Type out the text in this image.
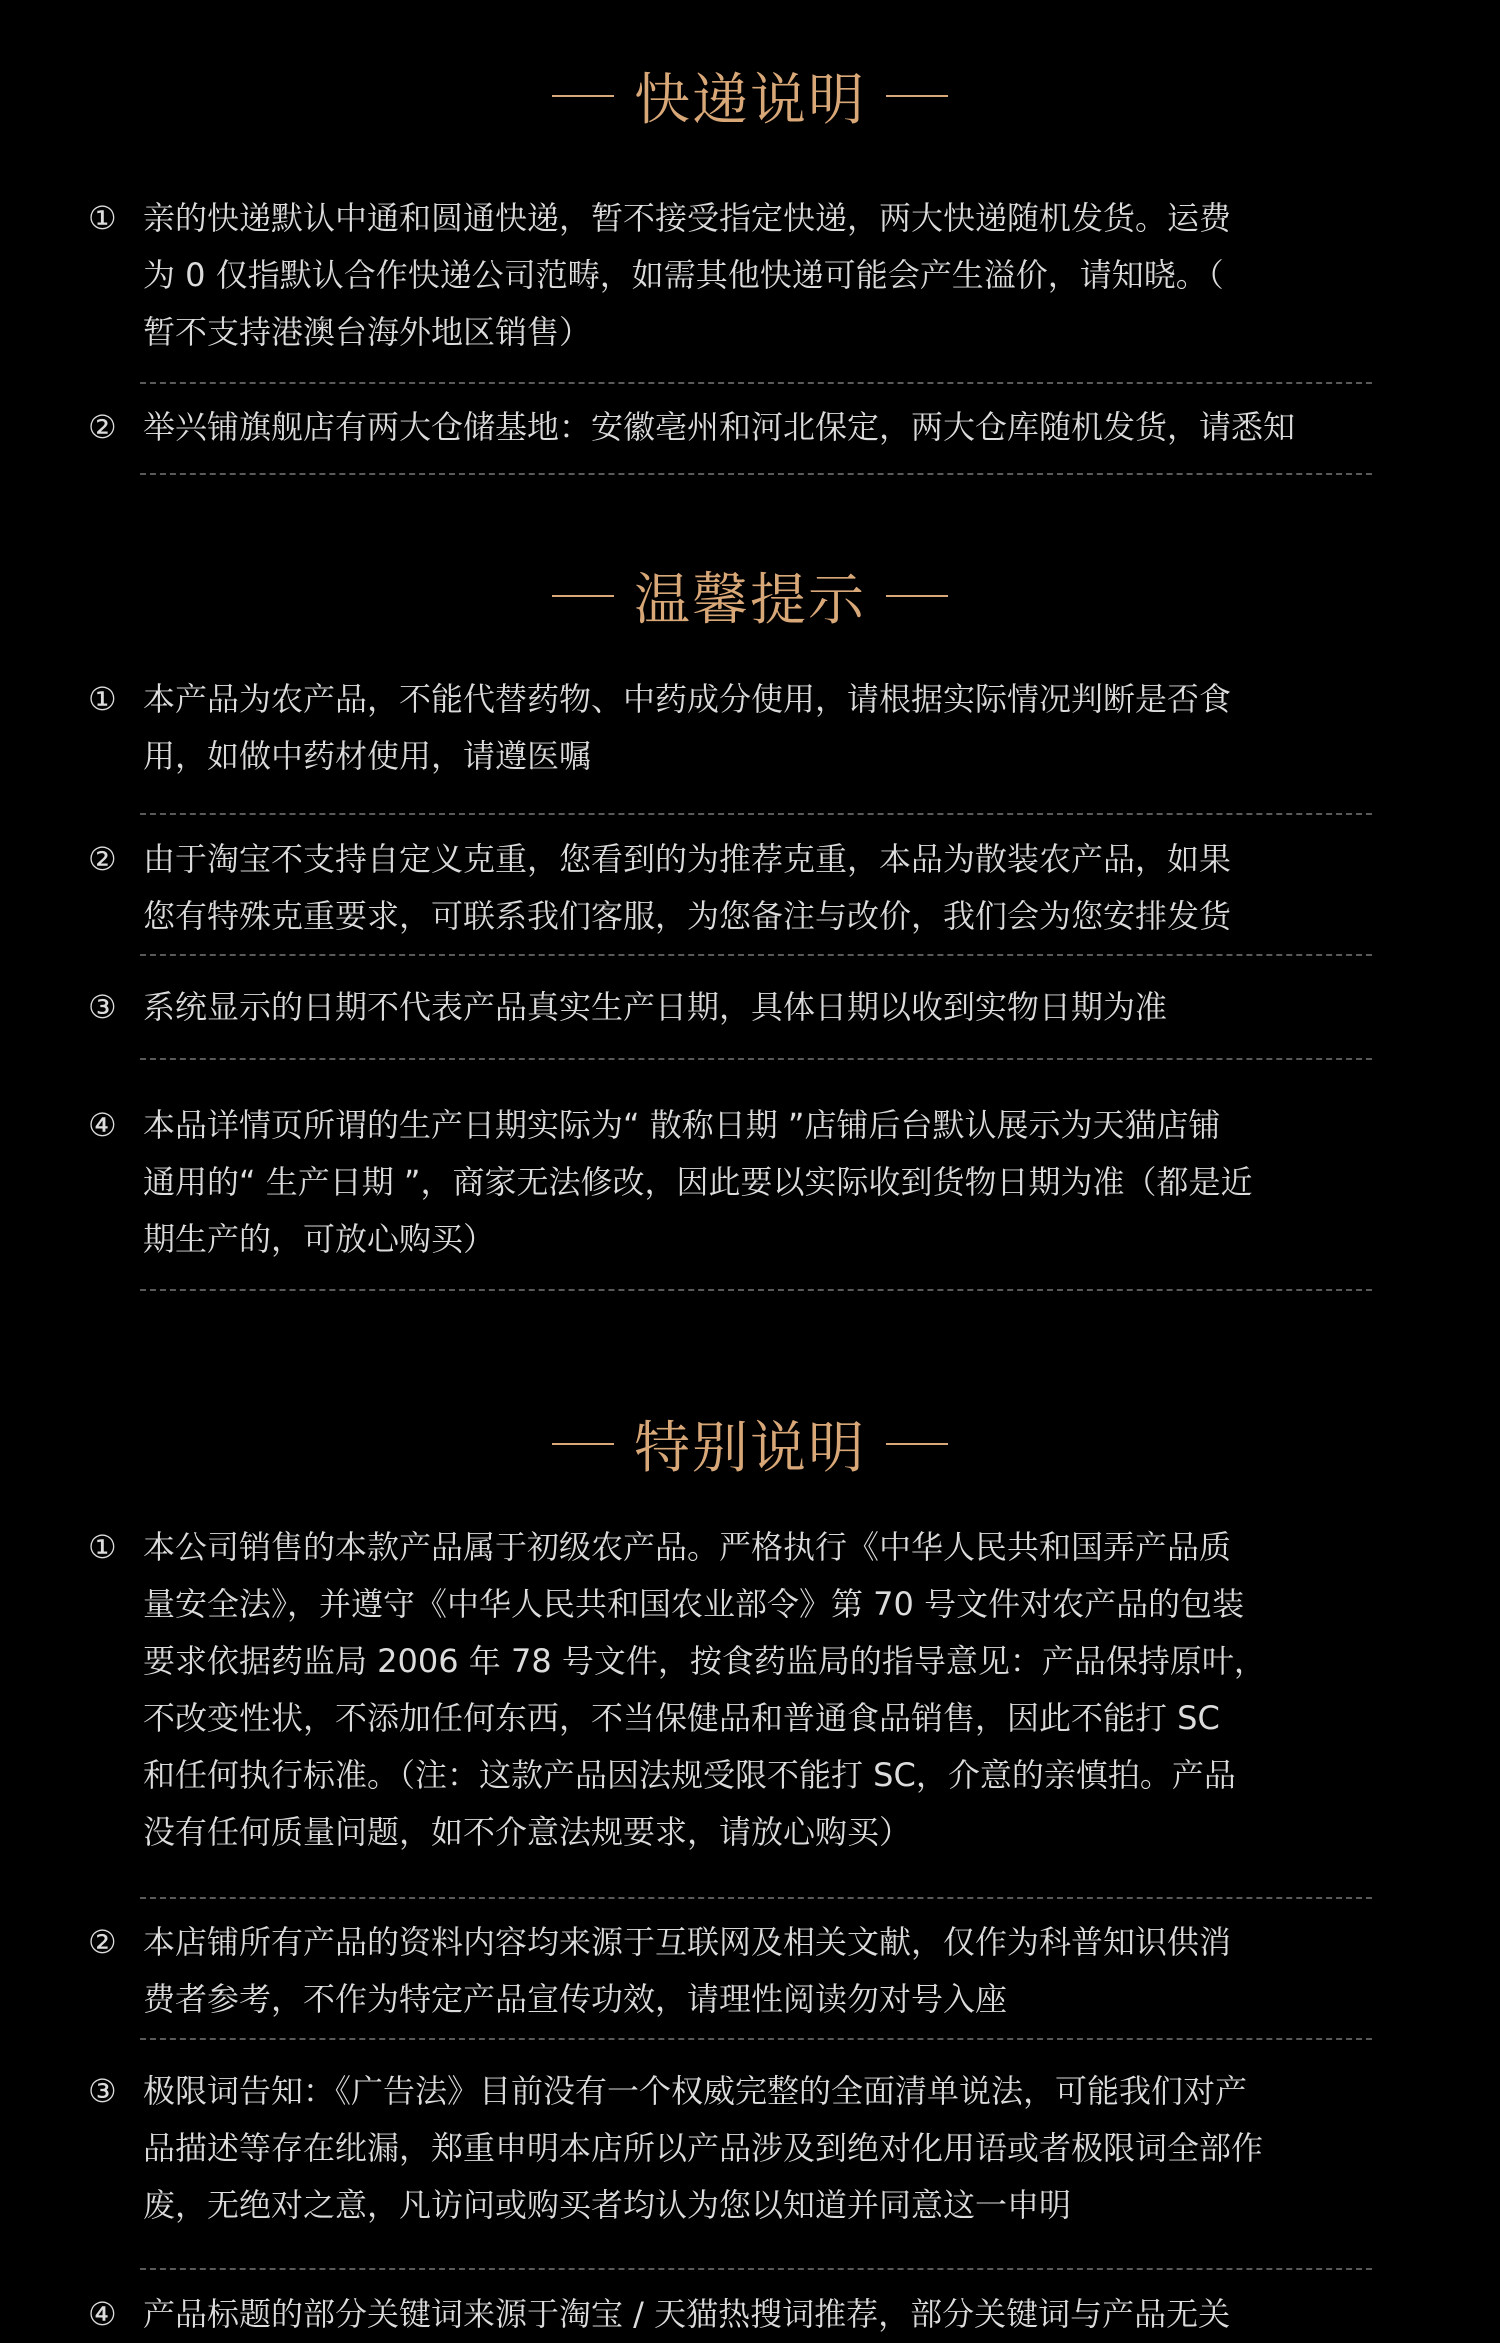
快递说明
① 亲的快递默认中通和圆通快递，暂不接受指定快递，两大快递随机发货。运费
为 0 仅指默认合作快递公司范畴，如需其他快递可能会产生溢价，请知晓。（
暂不支持港澳台海外地区销售）
② 举兴铺旗舰店有两大仓储基地：安徽亳州和河北保定，两大仓库随机发货，请悉知
温馨提示
① 本产品为农产品，不能代替药物、中药成分使用，请根据实际情况判断是否食
用，如做中药材使用，请遵医嘱
② 由于淘宝不支持自定义克重，您看到的为推荐克重，本品为散装农产品，如果
您有特殊克重要求，可联系我们客服，为您备注与改价，我们会为您安排发货
③ 系统显示的日期不代表产品真实生产日期，具体日期以收到实物日期为准
④ 本品详情页所谓的生产日期实际为“ 散称日期 ”店铺后台默认展示为天猫店铺
通用的“ 生产日期 ”，商家无法修改，因此要以实际收到货物日期为准（都是近
期生产的，可放心购买）
特别说明
① 本公司销售的本款产品属于初级农产品。严格执行《中华人民共和国弄产品质
量安全法》，并遵守《中华人民共和国农业部令》第 70 号文件对农产品的包装
要求依据药监局 2006 年 78 号文件，按食药监局的指导意见：产品保持原叶，
不改变性状，不添加任何东西，不当保健品和普通食品销售，因此不能打 SC
和任何执行标准。（注：这款产品因法规受限不能打 SC，介意的亲慎拍。产品
没有任何质量问题，如不介意法规要求，请放心购买）
② 本店铺所有产品的资料内容均来源于互联网及相关文献，仅作为科普知识供消
费者参考，不作为特定产品宣传功效，请理性阅读勿对号入座
③ 极限词告知：《广告法》目前没有一个权威完整的全面清单说法，可能我们对产
品描述等存在纰漏，郑重申明本店所以产品涉及到绝对化用语或者极限词全部作
废，无绝对之意，凡访问或购买者均认为您以知道并同意这一申明
④ 产品标题的部分关键词来源于淘宝 / 天猫热搜词推荐，部分关键词与产品无关
